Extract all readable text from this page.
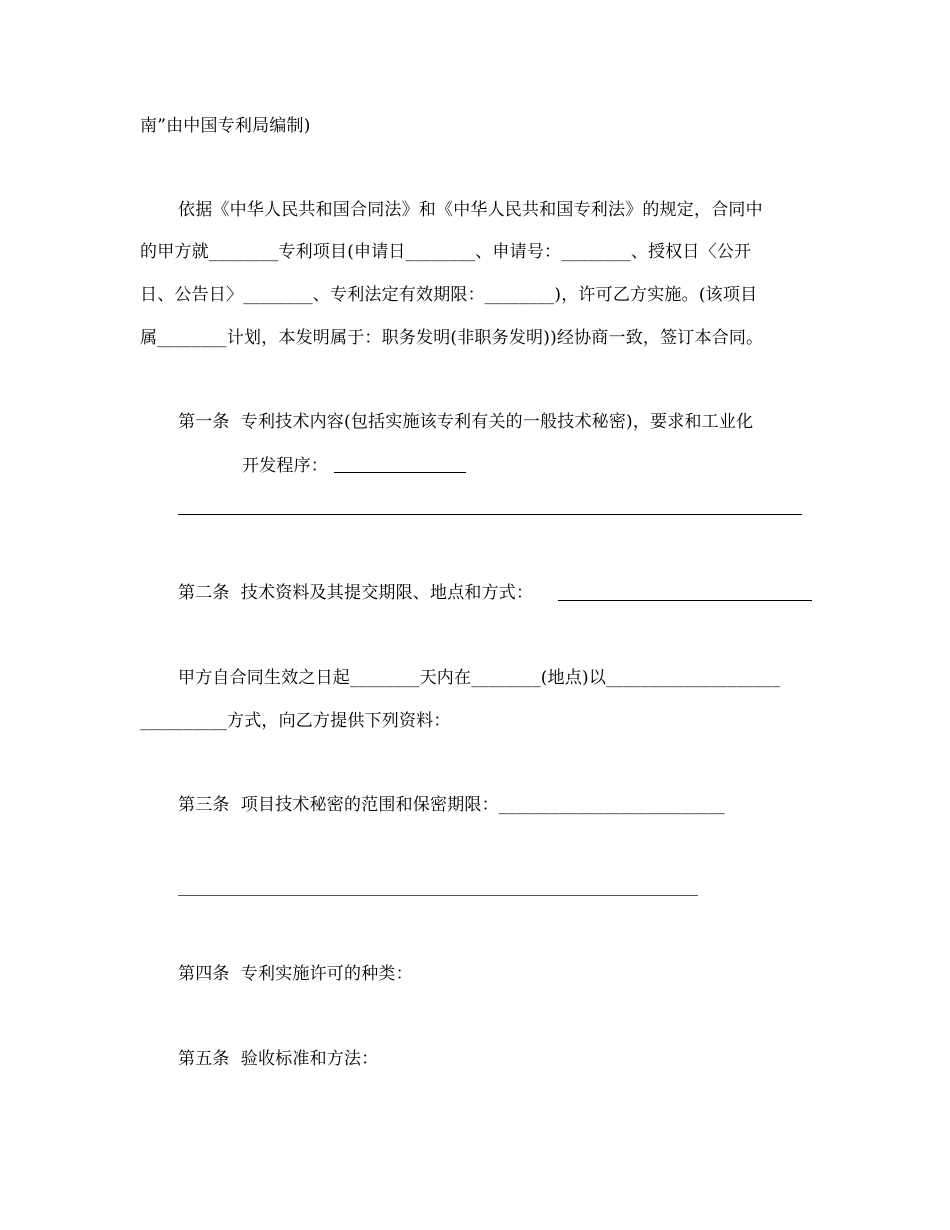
南”由中国专利局编制)
依据《中华人民共和国合同法》和《中华人民共和国专利法》的规定，合同中
的甲方就________专利项目(申请日________、申请号：________、授权日〈公开
日、公告日〉________、专利法定有效期限：________)，许可乙方实施。(该项目
属________计划，本发明属于：职务发明(非职务发明))经协商一致，签订本合同。
第一条  专利技术内容(包括实施该专利有关的一般技术秘密)，要求和工业化
开发程序：
第二条  技术资料及其提交期限、地点和方式：
甲方自合同生效之日起________天内在________(地点)以____________________
__________方式，向乙方提供下列资料：
第三条  项目技术秘密的范围和保密期限：__________________________
第四条  专利实施许可的种类：
第五条  验收标准和方法：
